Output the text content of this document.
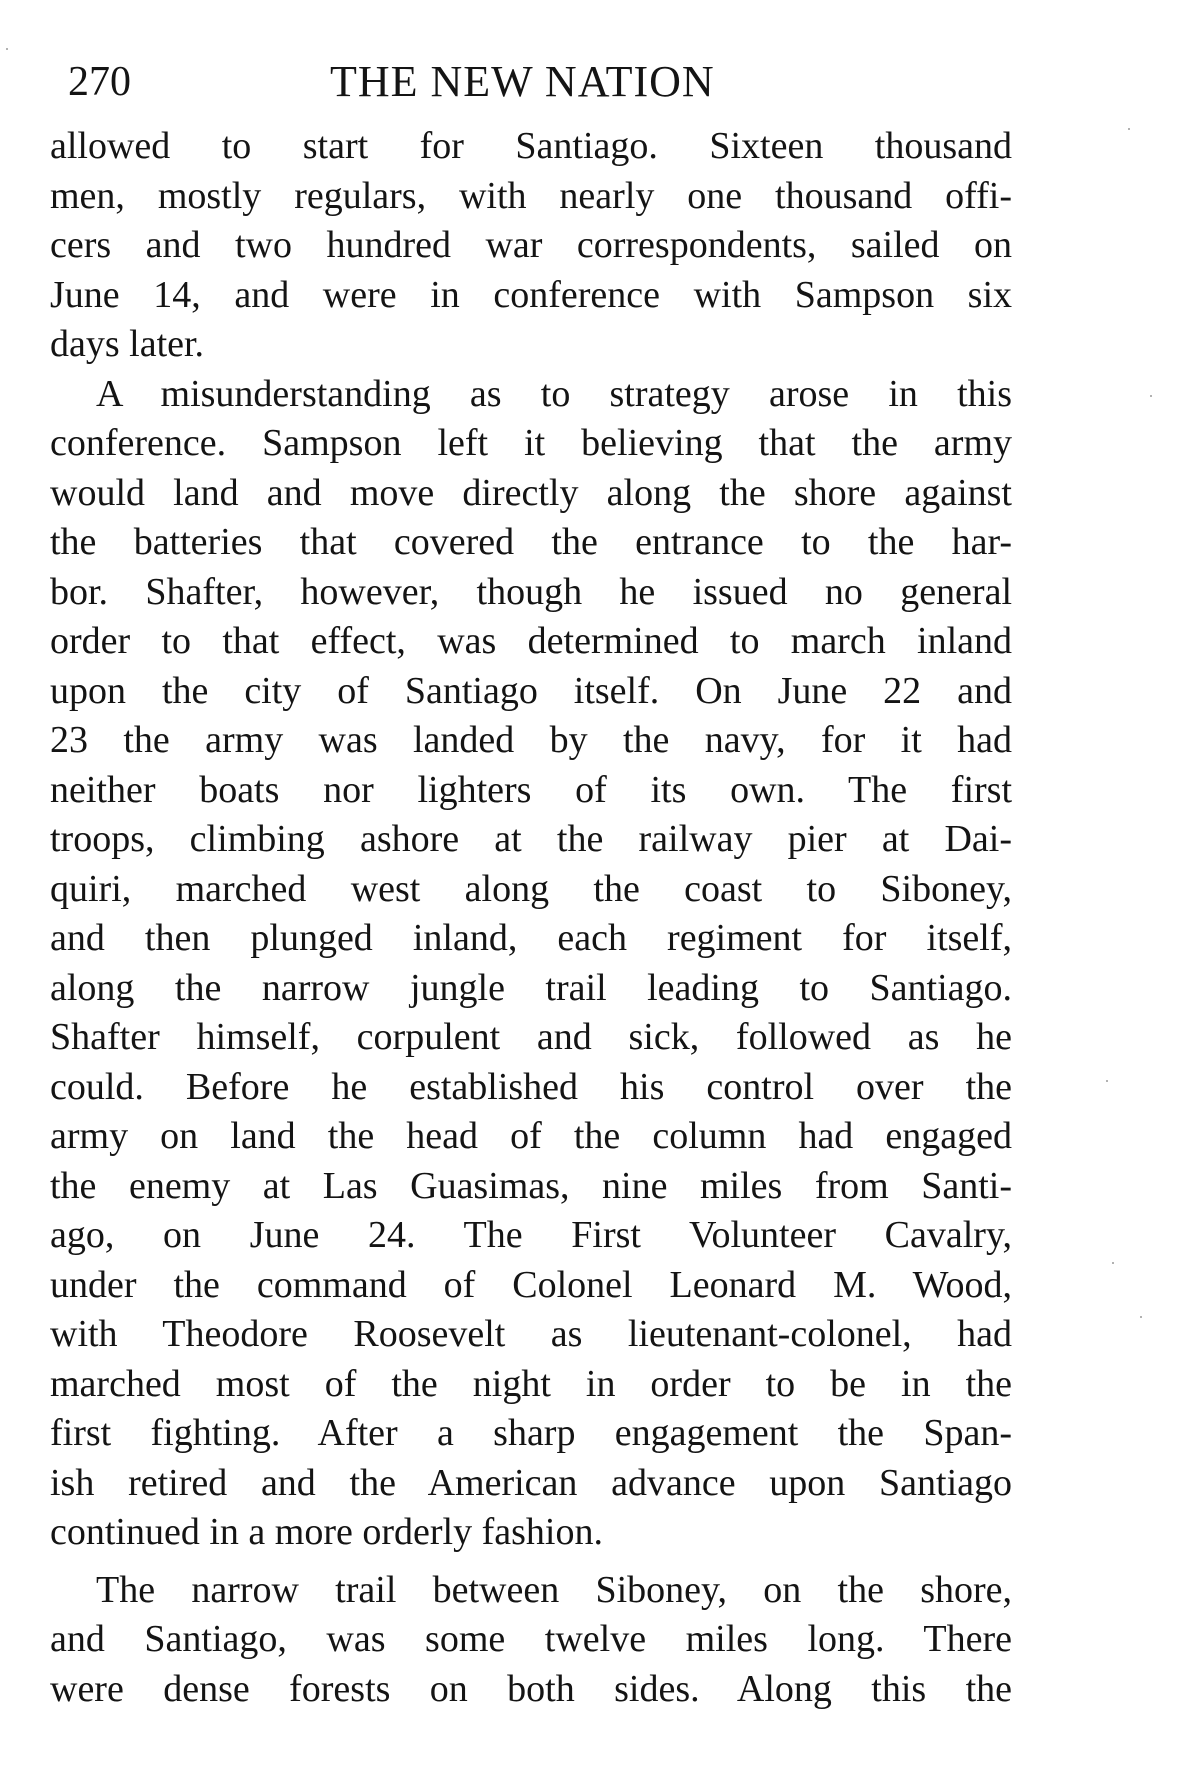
270	THE NEW NATION
allowed to start for Santiago. Sixteen thousand
men, mostly regulars, with nearly one thousand offi-
cers and two hundred war correspondents, sailed on
June 14, and were in conference with Sampson six
days later.
A misunderstanding as to strategy arose in this
conference. Sampson left it believing that the army
would land and move directly along the shore against
the batteries that covered the entrance to the har-
bor. Shafter, however, though he issued no general
order to that effect, was determined to march inland
upon the city of Santiago itself. On June 22 and
23 the army was landed by the navy, for it had
neither boats nor lighters of its own. The first
troops, climbing ashore at the railway pier at Dai-
quiri, marched west along the coast to Siboney,
and then plunged inland, each regiment for itself,
along the narrow jungle trail leading to Santiago.
Shafter himself, corpulent and sick, followed as he
could. Before he established his control over the
army on land the head of the column had engaged
the enemy at Las Guasimas, nine miles from Santi-
ago, on June 24. The First Volunteer Cavalry,
under the command of Colonel Leonard M. Wood,
with Theodore Roosevelt as lieutenant-colonel, had
marched most of the night in order to be in the
first fighting. After a sharp engagement the Span-
ish retired and the American advance upon Santiago
continued in a more orderly fashion.
The narrow trail between Siboney, on the shore,
and Santiago, was some twelve miles long. There
were dense forests on both sides. Along this the
